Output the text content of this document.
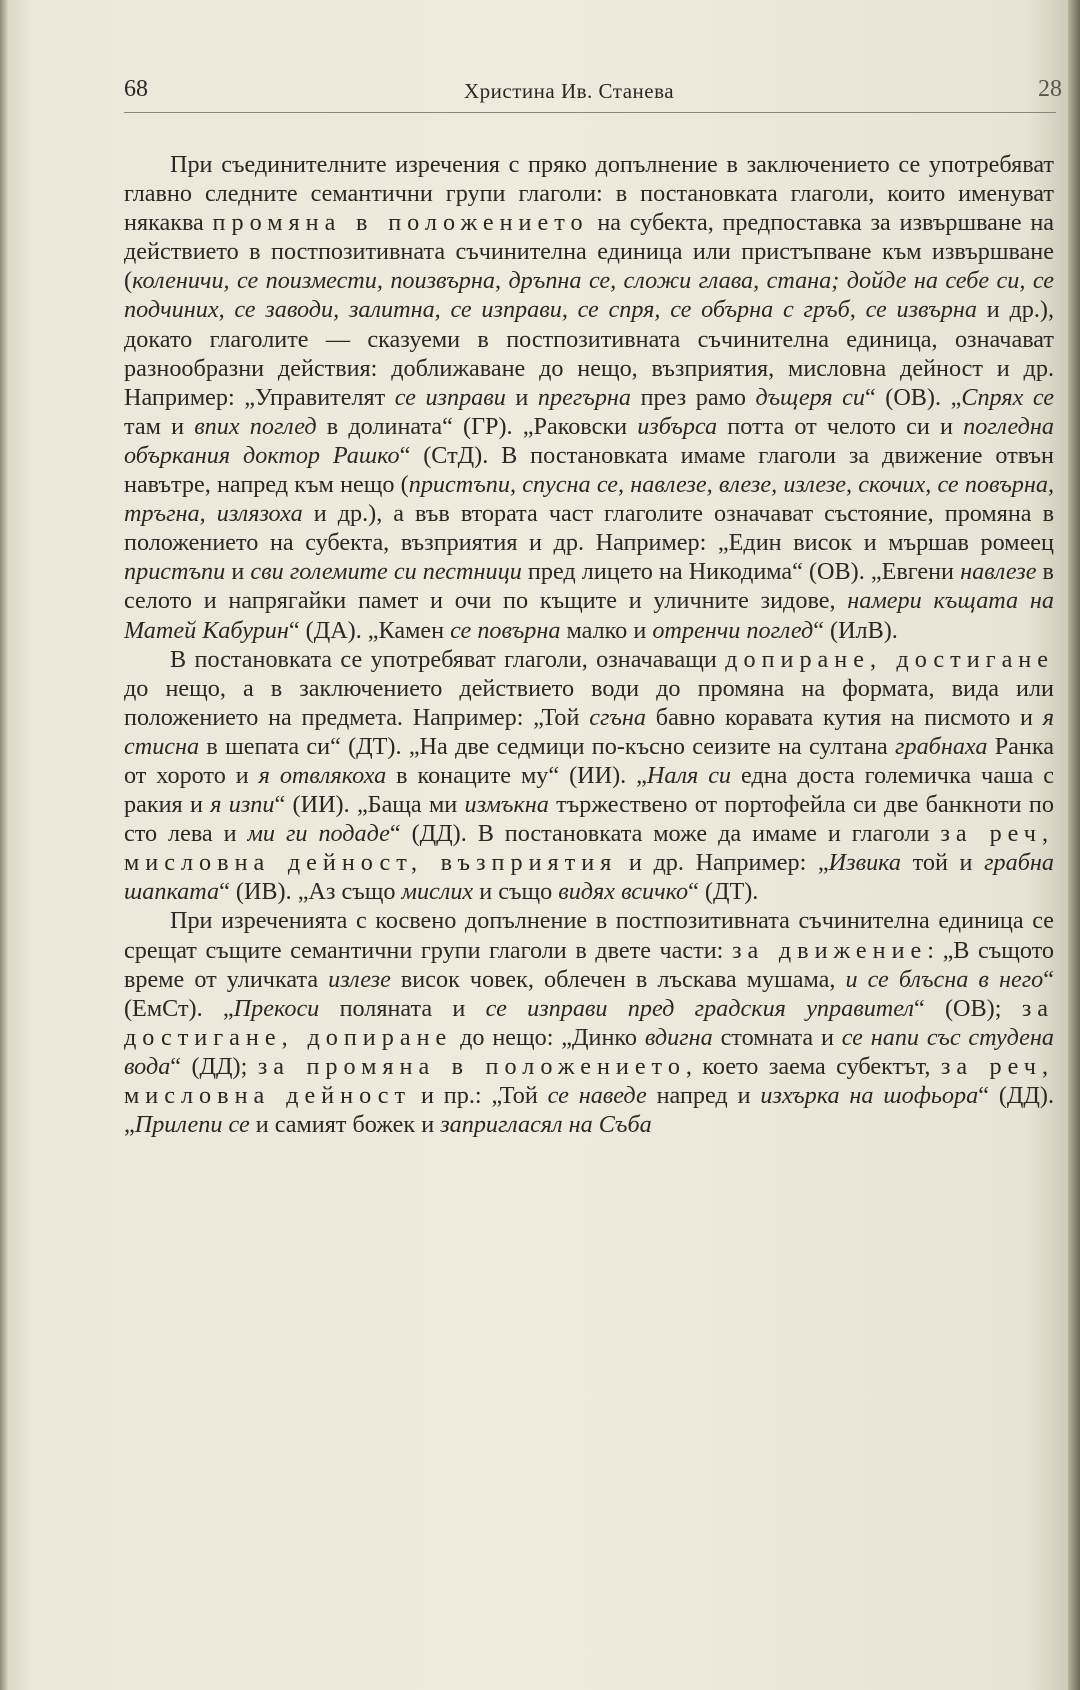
68	Христина Ив. Станева	28

При съединителните изречения с пряко допълнение в заключението се употребяват главно следните семантични групи глаголи: в постановката глаголи, които именуват някаква промяна в положението на субекта, предпоставка за извършване на действието в постпозитивната съчинителна единица или пристъпване към извършване (коленичи, се поизмести, поизвърна, дръпна се, сложи глава, стана; дойде на себе си, се подчиних, се заводи, залитна, се изправи, се спря, се обърна с гръб, се извърна и др.), докато глаголите — сказуеми в постпозитивната съчинителна единица, означават разнообразни действия: доближаване до нещо, възприятия, мисловна дейност и др. Например: „Управителят се изправи и прегърна през рамо дъщеря си“ (ОВ). „Спрях се там и впих поглед в долината“ (ГР). „Раковски избърса потта от челото си и погледна объркания доктор Рашко“ (СтД). В постановката имаме глаголи за движение отвън навътре, напред към нещо (пристъпи, спусна се, навлезе, влезе, излезе, скочих, се повърна, тръгна, излязоха и др.), а във втората част глаголите означават състояние, промяна в положението на субекта, възприятия и др. Например: „Един висок и мършав ромеец пристъпи и сви големите си пестници пред лицето на Никодима“ (ОВ). „Евгени навлезе в селото и напрягайки памет и очи по къщите и уличните зидове, намери къщата на Матей Кабурин“ (ДА). „Камен се повърна малко и отренчи поглед“ (ИлВ).

В постановката се употребяват глаголи, означаващи допиране, достигане до нещо, а в заключението действието води до промяна на формата, вида или положението на предмета. Например: „Той сгъна бавно коравата кутия на писмото и я стисна в шепата си“ (ДТ). „На две седмици по-късно сеизите на султана грабнаха Ранка от хорото и я отвлякоха в конаците му“ (ИИ). „Наля си една доста големичка чаша с ракия и я изпи“ (ИИ). „Баща ми измъкна тържествено от портофейла си две банкноти по сто лева и ми ги подаде“ (ДД). В постановката може да имаме и глаголи за реч, мисловна дейност, възприятия и др. Например: „Извика той и грабна шапката“ (ИВ). „Аз също мислих и също видях всичко“ (ДТ).

При изреченията с косвено допълнение в постпозитивната съчинителна единица се срещат същите семантични групи глаголи в двете части: за движение: „В същото време от уличката излезе висок човек, облечен в лъскава мушама, и се блъсна в него“ (ЕмСт). „Прекоси поляната и се изправи пред градския управител“ (ОВ); за достигане, допиране до нещо: „Динко вдигна стомната и се напи със студена вода“ (ДД); за промяна в положението, което заема субектът, за реч, мисловна дейност и пр.: „Той се наведе напред и изхърка на шофьора“ (ДД). „Прилепи се и самият божек и запригласял на Съба
